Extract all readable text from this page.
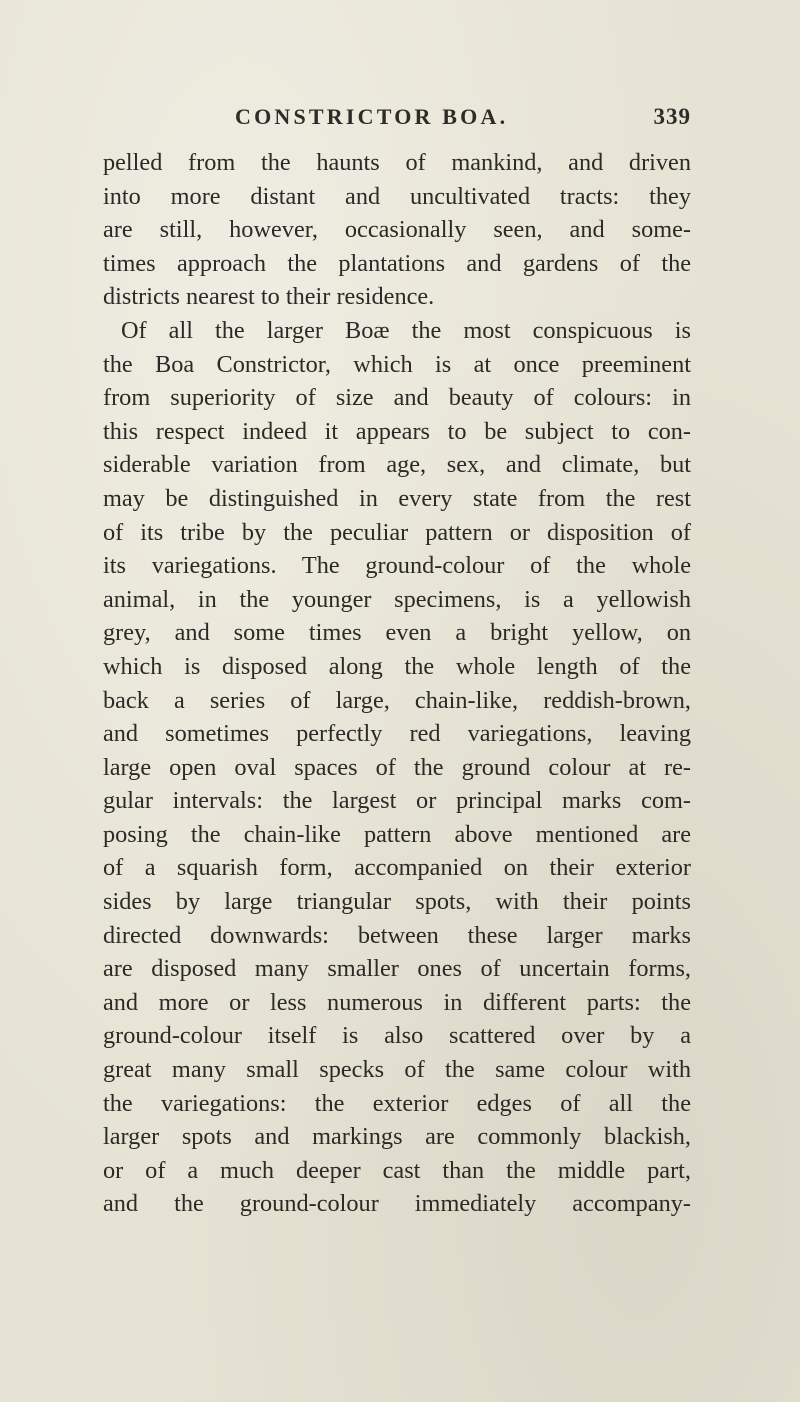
CONSTRICTOR BOA.	339
pelled from the haunts of mankind, and driven
into more distant and uncultivated tracts: they
are still, however, occasionally seen, and some-
times approach the plantations and gardens of the
districts nearest to their residence.
Of all the larger Boæ the most conspicuous is
the Boa Constrictor, which is at once preeminent
from superiority of size and beauty of colours: in
this respect indeed it appears to be subject to con-
siderable variation from age, sex, and climate, but
may be distinguished in every state from the rest
of its tribe by the peculiar pattern or disposition of
its variegations. The ground-colour of the whole
animal, in the younger specimens, is a yellowish
grey, and some times even a bright yellow, on
which is disposed along the whole length of the
back a series of large, chain-like, reddish-brown,
and sometimes perfectly red variegations, leaving
large open oval spaces of the ground colour at re-
gular intervals: the largest or principal marks com-
posing the chain-like pattern above mentioned are
of a squarish form, accompanied on their exterior
sides by large triangular spots, with their points
directed downwards: between these larger marks
are disposed many smaller ones of uncertain forms,
and more or less numerous in different parts: the
ground-colour itself is also scattered over by a
great many small specks of the same colour with
the variegations: the exterior edges of all the
larger spots and markings are commonly blackish,
or of a much deeper cast than the middle part,
and the ground-colour immediately accompany-
